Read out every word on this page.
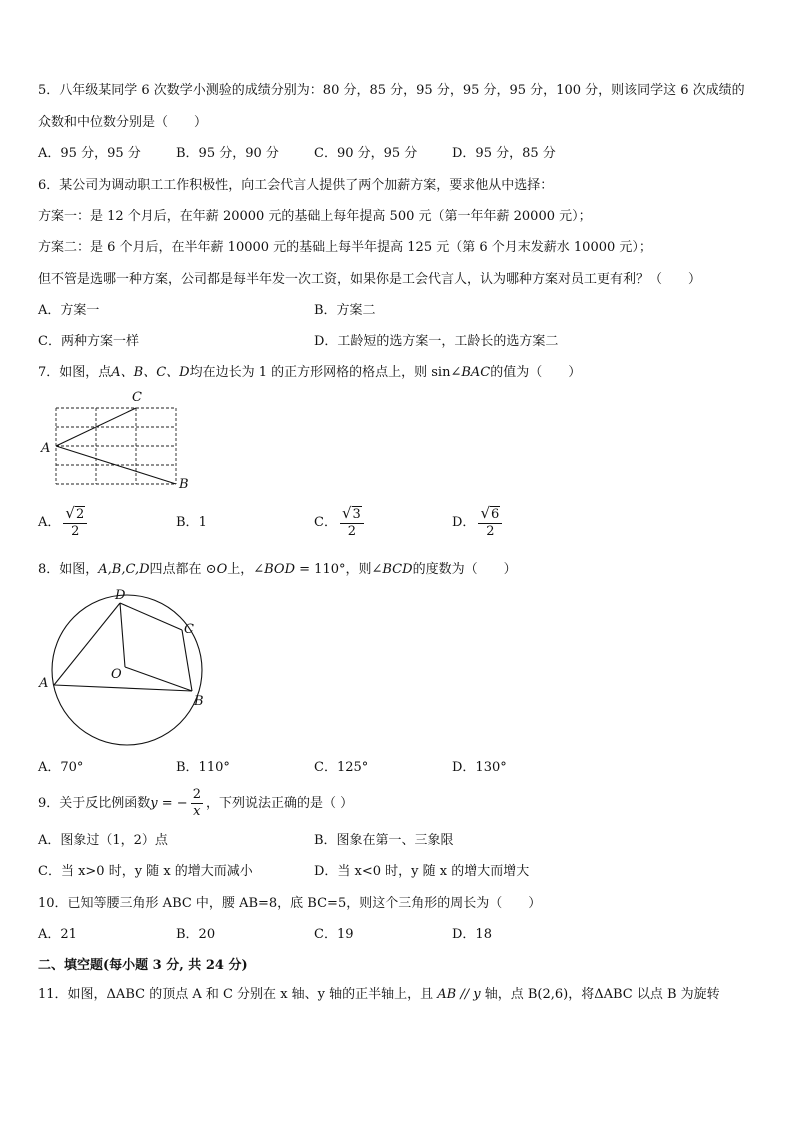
5．八年级某同学 6 次数学小测验的成绩分别为：80 分，85 分，95 分，95 分，95 分，100 分，则该同学这 6 次成绩的
众数和中位数分别是（　　）
A．95 分，95 分	B．95 分，90 分	C．90 分，95 分	D．95 分，85 分
6．某公司为调动职工工作积极性，向工会代言人提供了两个加薪方案，要求他从中选择：
方案一：是 12 个月后，在年薪 20000 元的基础上每年提高 500 元（第一年年薪 20000 元）；
方案二：是 6 个月后，在半年薪 10000 元的基础上每半年提高 125 元（第 6 个月末发薪水 10000 元）；
但不管是选哪一种方案，公司都是每半年发一次工资，如果你是工会代言人，认为哪种方案对员工更有利？（　　）
A．方案一	B．方案二
C．两种方案一样	D．工龄短的选方案一，工龄长的选方案二
7．如图，点A、B、C、D均在边长为 1 的正方形网格的格点上，则 sin∠BAC的值为（　　）
A
C
B
A． $\frac{√2}{2}$	B．1	C． $\frac{√3}{2}$	D． $\frac{√6}{2}$
8．如图，A,B,C,D四点都在 ⊙O上，∠BOD = 110°，则∠BCD的度数为（　　）
D
C
O
A
B
A．70°	B．110°	C．125°	D．130°
9．关于反比例函数y = − $\frac{2}{x}$ ，下列说法正确的是（ ）
A．图象过（1，2）点	B．图象在第一、三象限
C．当 x>0 时，y 随 x 的增大而减小	D．当 x<0 时，y 随 x 的增大而增大
10．已知等腰三角形 ABC 中，腰 AB=8，底 BC=5，则这个三角形的周长为（　　）
A．21	B．20	C．19	D．18
二、填空题(每小题 3 分, 共 24 分)
11．如图，ΔABC 的顶点 A 和 C 分别在 x 轴、y 轴的正半轴上，且 AB // y 轴，点 B(2,6)，将ΔABC 以点 B 为旋转
